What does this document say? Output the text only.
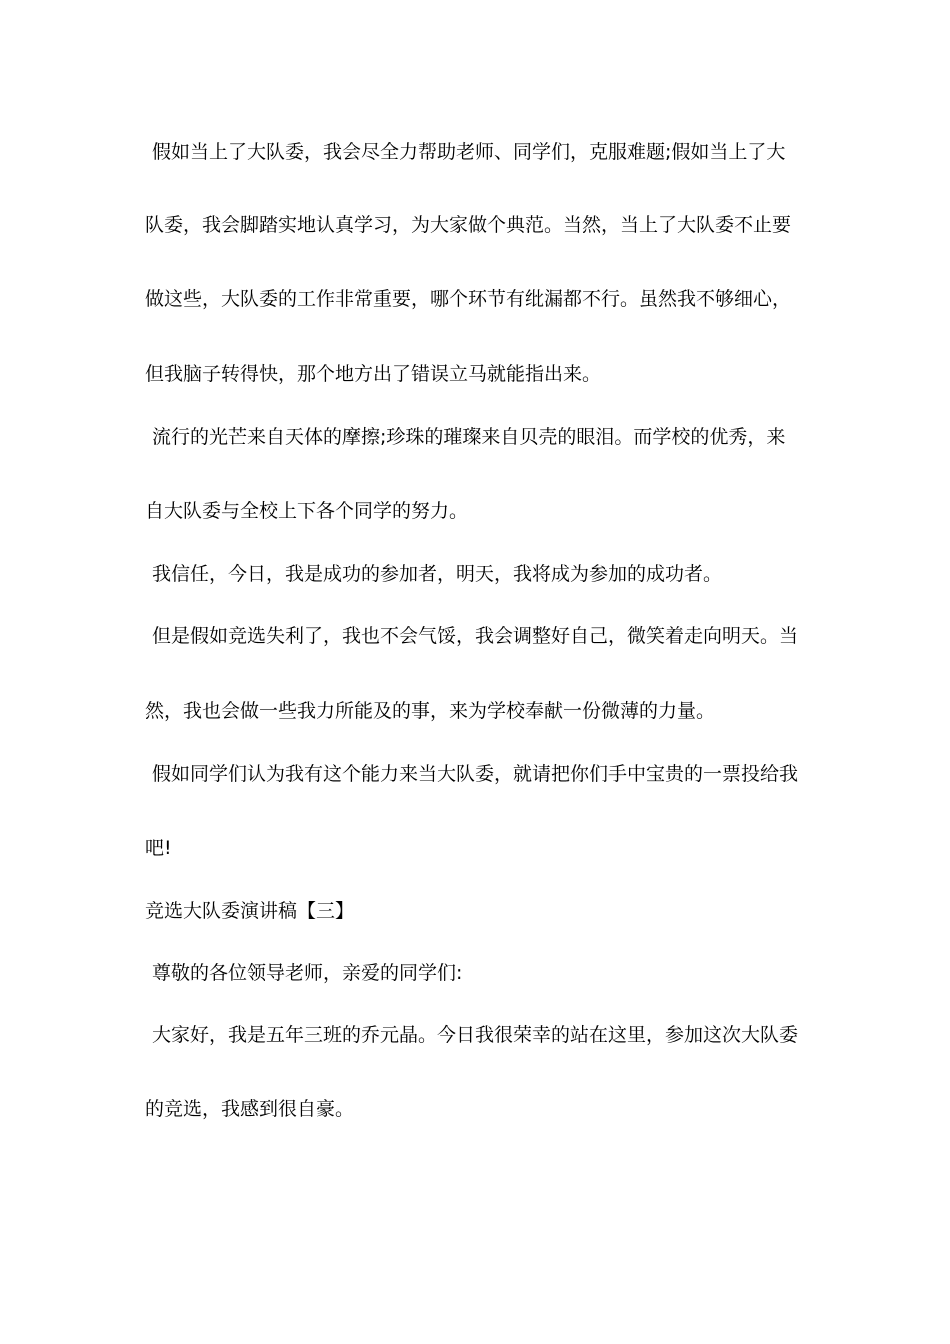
假如当上了大队委，我会尽全力帮助老师、同学们，克服难题;假如当上了大
队委，我会脚踏实地认真学习，为大家做个典范。当然，当上了大队委不止要
做这些，大队委的工作非常重要，哪个环节有纰漏都不行。虽然我不够细心，
但我脑子转得快，那个地方出了错误立马就能指出来。
流行的光芒来自天体的摩擦;珍珠的璀璨来自贝壳的眼泪。而学校的优秀，来
自大队委与全校上下各个同学的努力。
我信任，今日，我是成功的参加者，明天，我将成为参加的成功者。
但是假如竞选失利了，我也不会气馁，我会调整好自己，微笑着走向明天。当
然，我也会做一些我力所能及的事，来为学校奉献一份微薄的力量。
假如同学们认为我有这个能力来当大队委，就请把你们手中宝贵的一票投给我
吧!
竞选大队委演讲稿【三】
尊敬的各位领导老师，亲爱的同学们:
大家好，我是五年三班的乔元晶。今日我很荣幸的站在这里，参加这次大队委
的竞选，我感到很自豪。
